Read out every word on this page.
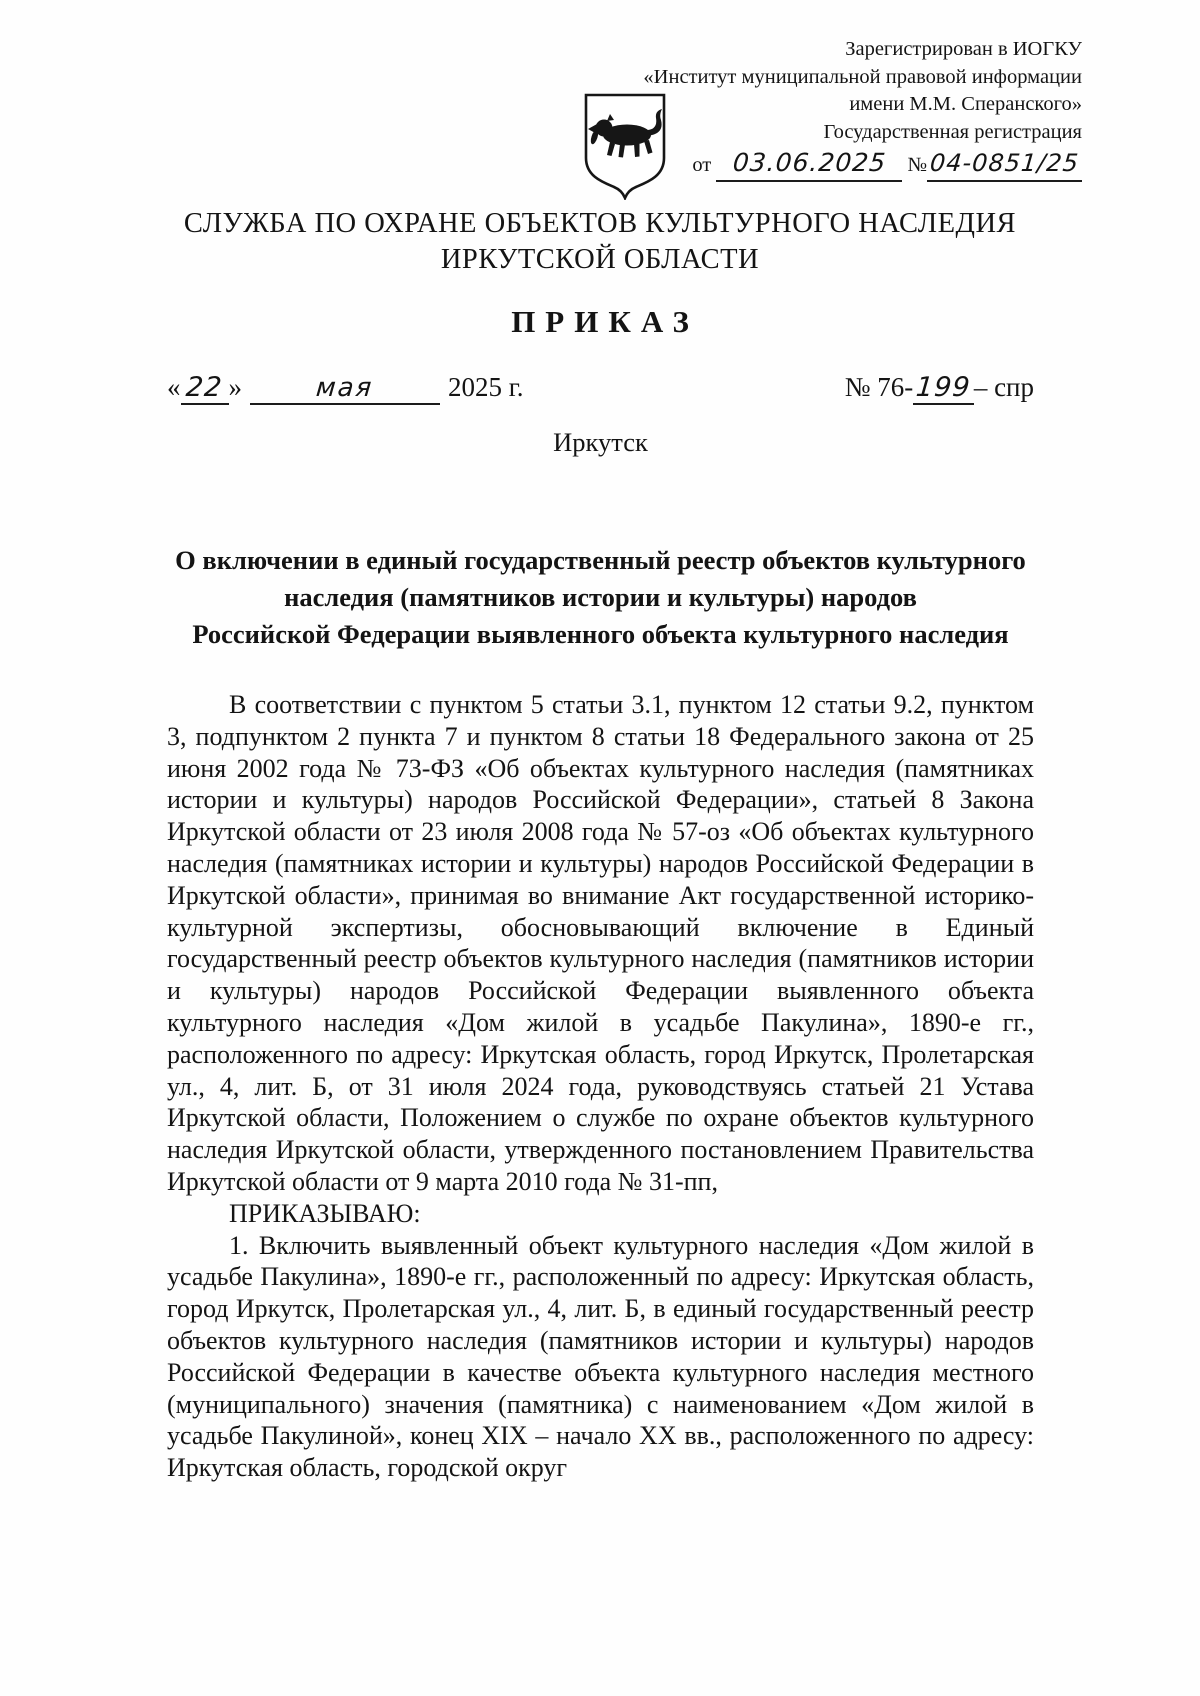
Зарегистрирован в ИОГКУ
«Институт муниципальной правовой информации
имени М.М. Сперанского»
Государственная регистрация
от 03.06.2025 №04-0851/25
СЛУЖБА ПО ОХРАНЕ ОБЪЕКТОВ КУЛЬТУРНОГО НАСЛЕДИЯ
ИРКУТСКОЙ ОБЛАСТИ
ПРИКАЗ
« 22 »	мая	2025 г.	№ 76-199– спр
Иркутск
О включении в единый государственный реестр объектов культурного
наследия (памятников истории и культуры) народов
Российской Федерации выявленного объекта культурного наследия

В соответствии с пунктом 5 статьи 3.1, пунктом 12 статьи 9.2, пунктом 3, подпунктом 2 пункта 7 и пунктом 8 статьи 18 Федерального закона от 25 июня 2002 года № 73-ФЗ «Об объектах культурного наследия (памятниках истории и культуры) народов Российской Федерации», статьей 8 Закона Иркутской области от 23 июля 2008 года № 57-оз «Об объектах культурного наследия (памятниках истории и культуры) народов Российской Федерации в Иркутской области», принимая во внимание Акт государственной историко-культурной экспертизы, обосновывающий включение в Единый государственный реестр объектов культурного наследия (памятников истории и культуры) народов Российской Федерации выявленного объекта культурного наследия «Дом жилой в усадьбе Пакулина», 1890-е гг., расположенного по адресу: Иркутская область, город Иркутск, Пролетарская ул., 4, лит. Б, от 31 июля 2024 года, руководствуясь статьей 21 Устава Иркутской области, Положением о службе по охране объектов культурного наследия Иркутской области, утвержденного постановлением Правительства Иркутской области от 9 марта 2010 года № 31-пп,

ПРИКАЗЫВАЮ:

1. Включить выявленный объект культурного наследия «Дом жилой в усадьбе Пакулина», 1890-е гг., расположенный по адресу: Иркутская область, город Иркутск, Пролетарская ул., 4, лит. Б, в единый государственный реестр объектов культурного наследия (памятников истории и культуры) народов Российской Федерации в качестве объекта культурного наследия местного (муниципального) значения (памятника) с наименованием «Дом жилой в усадьбе Пакулиной», конец XIX – начало XX вв., расположенного по адресу: Иркутская область, городской округ
